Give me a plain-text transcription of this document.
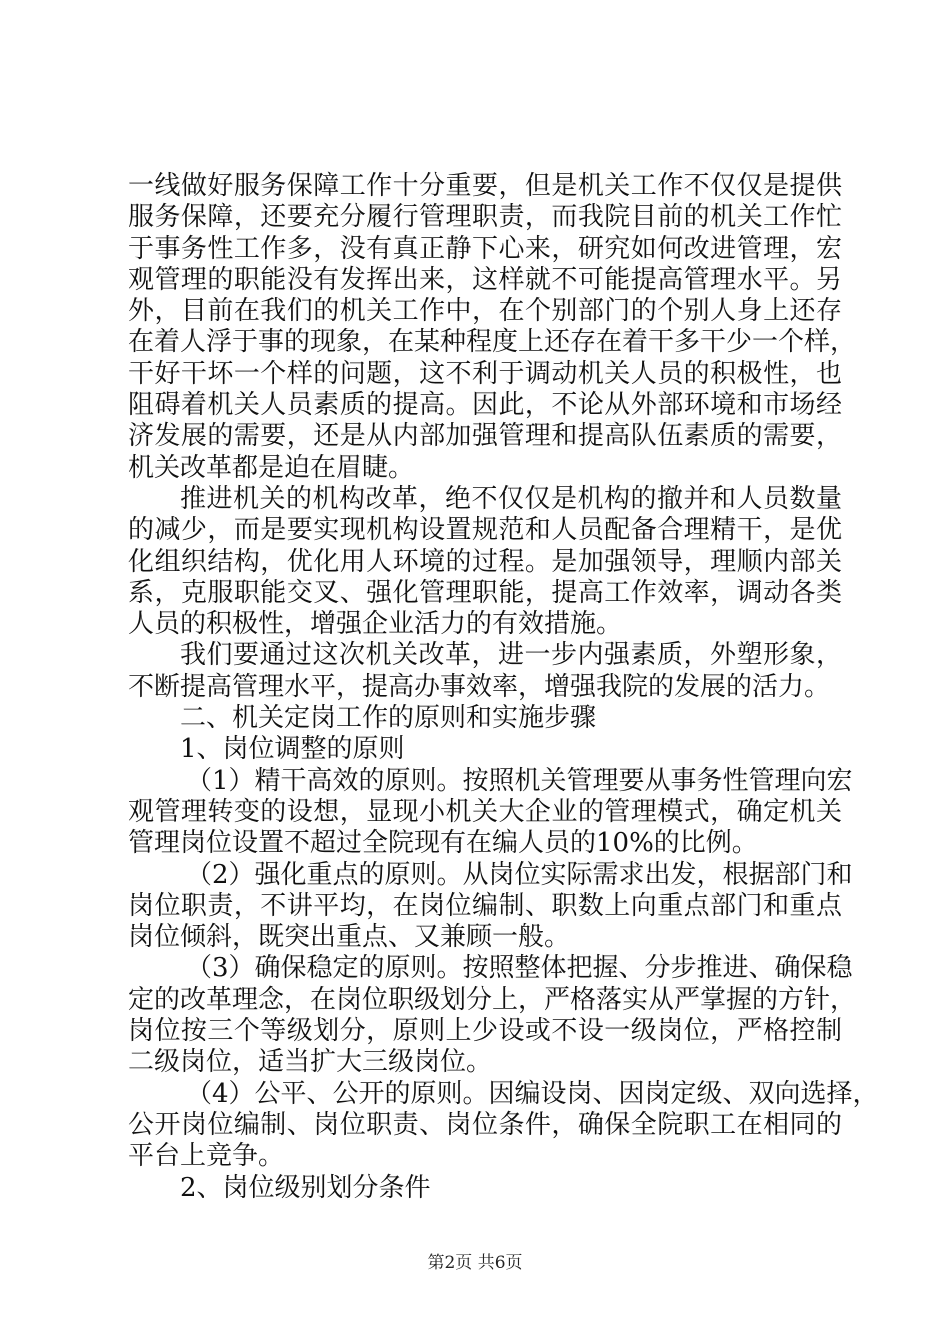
一线做好服务保障工作十分重要，但是机关工作不仅仅是提供
服务保障，还要充分履行管理职责，而我院目前的机关工作忙
于事务性工作多，没有真正静下心来，研究如何改进管理，宏
观管理的职能没有发挥出来，这样就不可能提高管理水平。另
外，目前在我们的机关工作中，在个别部门的个别人身上还存
在着人浮于事的现象，在某种程度上还存在着干多干少一个样，
干好干坏一个样的问题，这不利于调动机关人员的积极性，也
阻碍着机关人员素质的提高。因此，不论从外部环境和市场经
济发展的需要，还是从内部加强管理和提高队伍素质的需要，
机关改革都是迫在眉睫。
推进机关的机构改革，绝不仅仅是机构的撤并和人员数量
的减少，而是要实现机构设置规范和人员配备合理精干，是优
化组织结构，优化用人环境的过程。是加强领导，理顺内部关
系，克服职能交叉、强化管理职能，提高工作效率，调动各类
人员的积极性，增强企业活力的有效措施。
我们要通过这次机关改革，进一步内强素质，外塑形象，
不断提高管理水平，提高办事效率，增强我院的发展的活力。
二、机关定岗工作的原则和实施步骤
1、岗位调整的原则
（1）精干高效的原则。按照机关管理要从事务性管理向宏
观管理转变的设想，显现小机关大企业的管理模式，确定机关
管理岗位设置不超过全院现有在编人员的10%的比例。
（2）强化重点的原则。从岗位实际需求出发，根据部门和
岗位职责，不讲平均，在岗位编制、职数上向重点部门和重点
岗位倾斜，既突出重点、又兼顾一般。
（3）确保稳定的原则。按照整体把握、分步推进、确保稳
定的改革理念，在岗位职级划分上，严格落实从严掌握的方针，
岗位按三个等级划分，原则上少设或不设一级岗位，严格控制
二级岗位，适当扩大三级岗位。
（4）公平、公开的原则。因编设岗、因岗定级、双向选择，
公开岗位编制、岗位职责、岗位条件，确保全院职工在相同的
平台上竞争。
2、岗位级别划分条件
第2页 共6页
